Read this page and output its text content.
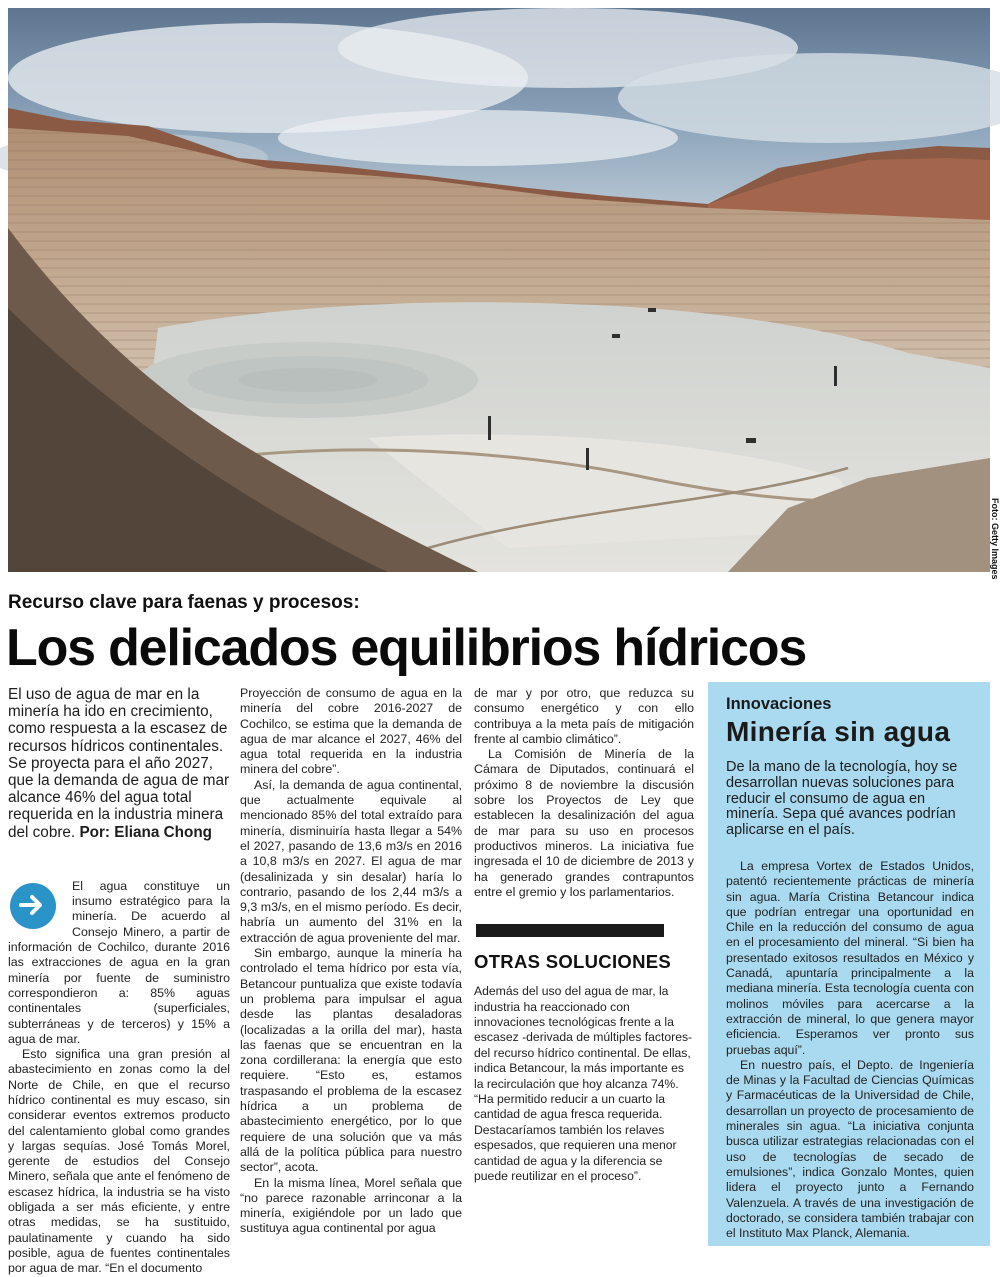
Foto: Getty Images
Recurso clave para faenas y procesos:
Los delicados equilibrios hídricos

El uso de agua de mar en la minería ha ido en crecimiento, como respuesta a la escasez de recursos hídricos continentales. Se proyecta para el año 2027, que la demanda de agua de mar alcance 46% del agua total requerida en la industria minera del cobre. Por: Eliana Chong

El agua constituye un insumo estratégico para la minería. De acuerdo al Consejo Minero, a partir de información de Cochilco, durante 2016 las extracciones de agua en la gran minería por fuente de suministro correspondieron a: 85% aguas continentales (superficiales, subterráneas y de terceros) y 15% a agua de mar.

Esto significa una gran presión al abastecimiento en zonas como la del Norte de Chile, en que el recurso hídrico continental es muy escaso, sin considerar eventos extremos producto del calentamiento global como grandes y largas sequías. José Tomás Morel, gerente de estudios del Consejo Minero, señala que ante el fenómeno de escasez hídrica, la industria se ha visto obligada a ser más eficiente, y entre otras medidas, se ha sustituido, paulatinamente y cuando ha sido posible, agua de fuentes continentales por agua de mar. “En el documento

Proyección de consumo de agua en la minería del cobre 2016-2027 de Cochilco, se estima que la demanda de agua de mar alcance el 2027, 46% del agua total requerida en la industria minera del cobre”.

Así, la demanda de agua continental, que actualmente equivale al mencionado 85% del total extraído para minería, disminuiría hasta llegar a 54% el 2027, pasando de 13,6 m3/s en 2016 a 10,8 m3/s en 2027. El agua de mar (desalinizada y sin desalar) haría lo contrario, pasando de los 2,44 m3/s a 9,3 m3/s, en el mismo período. Es decir, habría un aumento del 31% en la extracción de agua proveniente del mar.

Sin embargo, aunque la minería ha controlado el tema hídrico por esta vía, Betancour puntualiza que existe todavía un problema para impulsar el agua desde las plantas desaladoras (localizadas a la orilla del mar), hasta las faenas que se encuentran en la zona cordillerana: la energía que esto requiere. “Esto es, estamos traspasando el problema de la escasez hídrica a un problema de abastecimiento energético, por lo que requiere de una solución que va más allá de la política pública para nuestro sector”, acota.

En la misma línea, Morel señala que “no parece razonable arrinconar a la minería, exigiéndole por un lado que sustituya agua continental por agua

de mar y por otro, que reduzca su consumo energético y con ello contribuya a la meta país de mitigación frente al cambio climático”.

La Comisión de Minería de la Cámara de Diputados, continuará el próximo 8 de noviembre la discusión sobre los Proyectos de Ley que establecen la desalinización del agua de mar para su uso en procesos productivos mineros. La iniciativa fue ingresada el 10 de diciembre de 2013 y ha generado grandes contrapuntos entre el gremio y los parlamentarios.

OTRAS SOLUCIONES

Además del uso del agua de mar, la industria ha reaccionado con innovaciones tecnológicas frente a la escasez -derivada de múltiples factores- del recurso hídrico continental. De ellas, indica Betancour, la más importante es la recirculación que hoy alcanza 74%. “Ha permitido reducir a un cuarto la cantidad de agua fresca requerida. Destacaríamos también los relaves espesados, que requieren una menor cantidad de agua y la diferencia se puede reutilizar en el proceso”.

Innovaciones
Minería sin agua

De la mano de la tecnología, hoy se desarrollan nuevas soluciones para reducir el consumo de agua en minería. Sepa qué avances podrían aplicarse en el país.

La empresa Vortex de Estados Unidos, patentó recientemente prácticas de minería sin agua. María Cristina Betancour indica que podrían entregar una oportunidad en Chile en la reducción del consumo de agua en el procesamiento del mineral. “Si bien ha presentado exitosos resultados en México y Canadá, apuntaría principalmente a la mediana minería. Esta tecnología cuenta con molinos móviles para acercarse a la extracción de mineral, lo que genera mayor eficiencia. Esperamos ver pronto sus pruebas aquí”.

En nuestro país, el Depto. de Ingeniería de Minas y la Facultad de Ciencias Químicas y Farmacéuticas de la Universidad de Chile, desarrollan un proyecto de procesamiento de minerales sin agua. “La iniciativa conjunta busca utilizar estrategias relacionadas con el uso de tecnologías de secado de emulsiones”, indica Gonzalo Montes, quien lidera el proyecto junto a Fernando Valenzuela. A través de una investigación de doctorado, se considera también trabajar con el Instituto Max Planck, Alemania.
